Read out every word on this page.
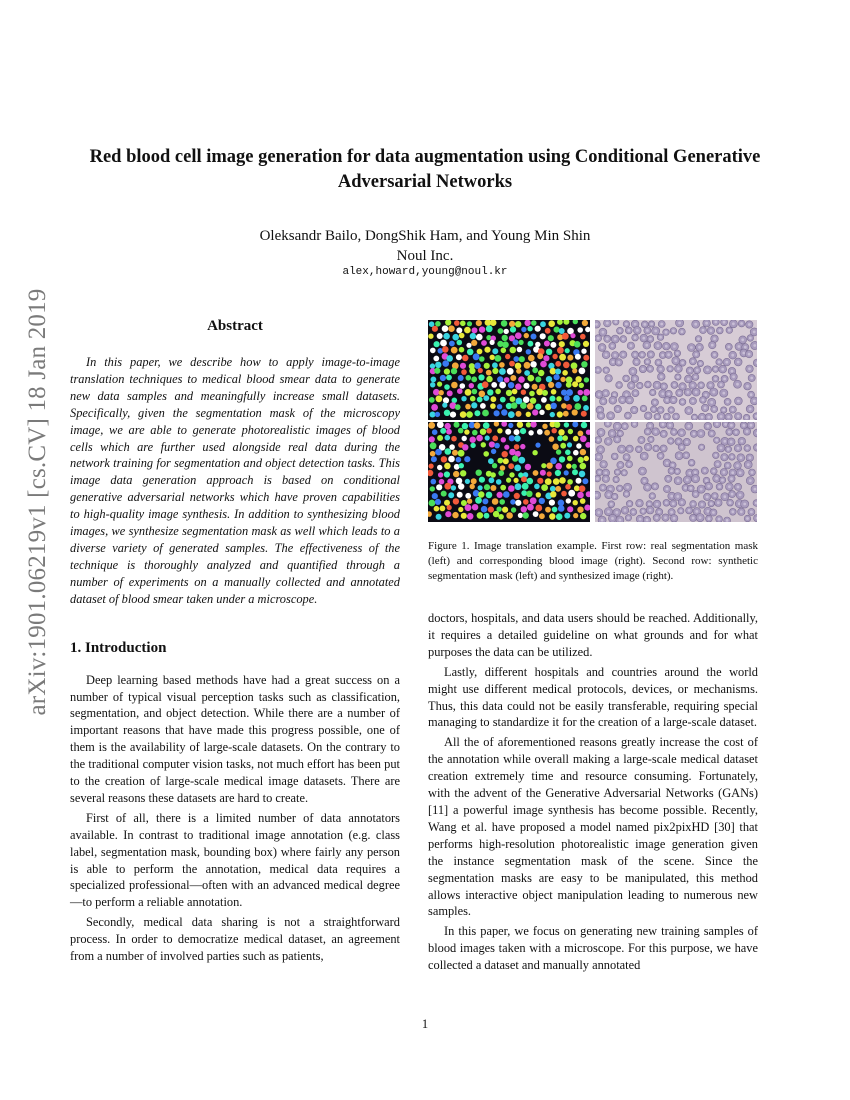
arXiv:1901.06219v1 [cs.CV] 18 Jan 2019
Red blood cell image generation for data augmentation using Conditional Generative Adversarial Networks
Oleksandr Bailo, DongShik Ham, and Young Min Shin
Noul Inc.
alex,howard,young@noul.kr
Abstract

In this paper, we describe how to apply image-to-image translation techniques to medical blood smear data to generate new data samples and meaningfully increase small datasets. Specifically, given the segmentation mask of the microscopy image, we are able to generate photorealistic images of blood cells which are further used alongside real data during the network training for segmentation and object detection tasks. This image data generation approach is based on conditional generative adversarial networks which have proven capabilities to high-quality image synthesis. In addition to synthesizing blood images, we synthesize segmentation mask as well which leads to a diverse variety of generated samples. The effectiveness of the technique is thoroughly analyzed and quantified through a number of experiments on a manually collected and annotated dataset of blood smear taken under a microscope.

1. Introduction

Deep learning based methods have had a great success on a number of typical visual perception tasks such as classification, segmentation, and object detection. While there are a number of important reasons that have made this progress possible, one of them is the availability of large-scale datasets. On the contrary to the traditional computer vision tasks, not much effort has been put to the creation of large-scale medical image datasets. There are several reasons these datasets are hard to create.

First of all, there is a limited number of data annotators available. In contrast to traditional image annotation (e.g. class label, segmentation mask, bounding box) where fairly any person is able to perform the annotation, medical data requires a specialized professional—often with an advanced medical degree—to perform a reliable annotation.

Secondly, medical data sharing is not a straightforward process. In order to democratize medical dataset, an agreement from a number of involved parties such as patients,

Figure 1. Image translation example. First row: real segmentation mask (left) and corresponding blood image (right). Second row: synthetic segmentation mask (left) and synthesized image (right).

doctors, hospitals, and data users should be reached. Additionally, it requires a detailed guideline on what grounds and for what purposes the data can be utilized.

Lastly, different hospitals and countries around the world might use different medical protocols, devices, or mechanisms. Thus, this data could not be easily transferable, requiring special managing to standardize it for the creation of a large-scale dataset.

All the of aforementioned reasons greatly increase the cost of the annotation while overall making a large-scale medical dataset creation extremely time and resource consuming. Fortunately, with the advent of the Generative Adversarial Networks (GANs) [11] a powerful image synthesis has become possible. Recently, Wang et al. have proposed a model named pix2pixHD [30] that performs high-resolution photorealistic image generation given the instance segmentation mask of the scene. Since the segmentation masks are easy to be manipulated, this method allows interactive object manipulation leading to numerous new samples.

In this paper, we focus on generating new training samples of blood images taken with a microscope. For this purpose, we have collected a dataset and manually annotated

1
